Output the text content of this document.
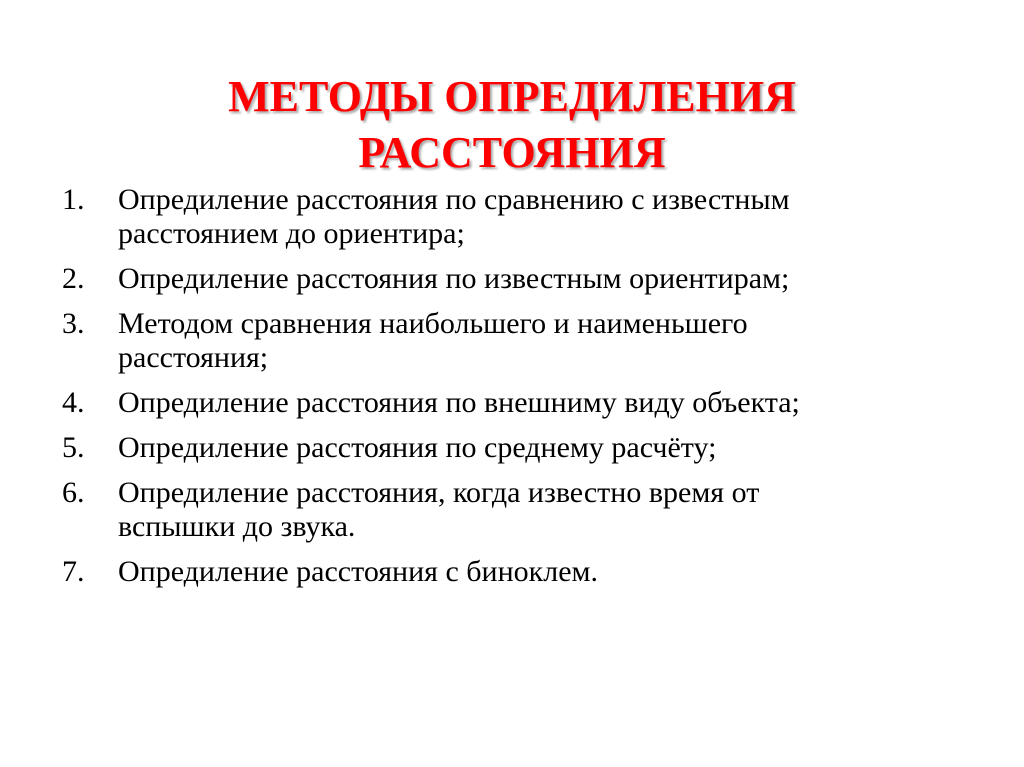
МЕТОДЫ ОПРЕДИЛЕНИЯ
РАССТОЯНИЯ
1.	Опредиление расстояния по сравнению с известным
расстоянием до ориентира;
2.	Опредиление расстояния по известным ориентирам;
3.	Методом сравнения наибольшего и наименьшего
расстояния;
4.	Опредиление расстояния по внешниму виду объекта;
5.	Опредиление расстояния по среднему расчёту;
6.	Опредиление расстояния, когда известно время от
вспышки до звука.
7.	Опредиление расстояния с биноклем.
